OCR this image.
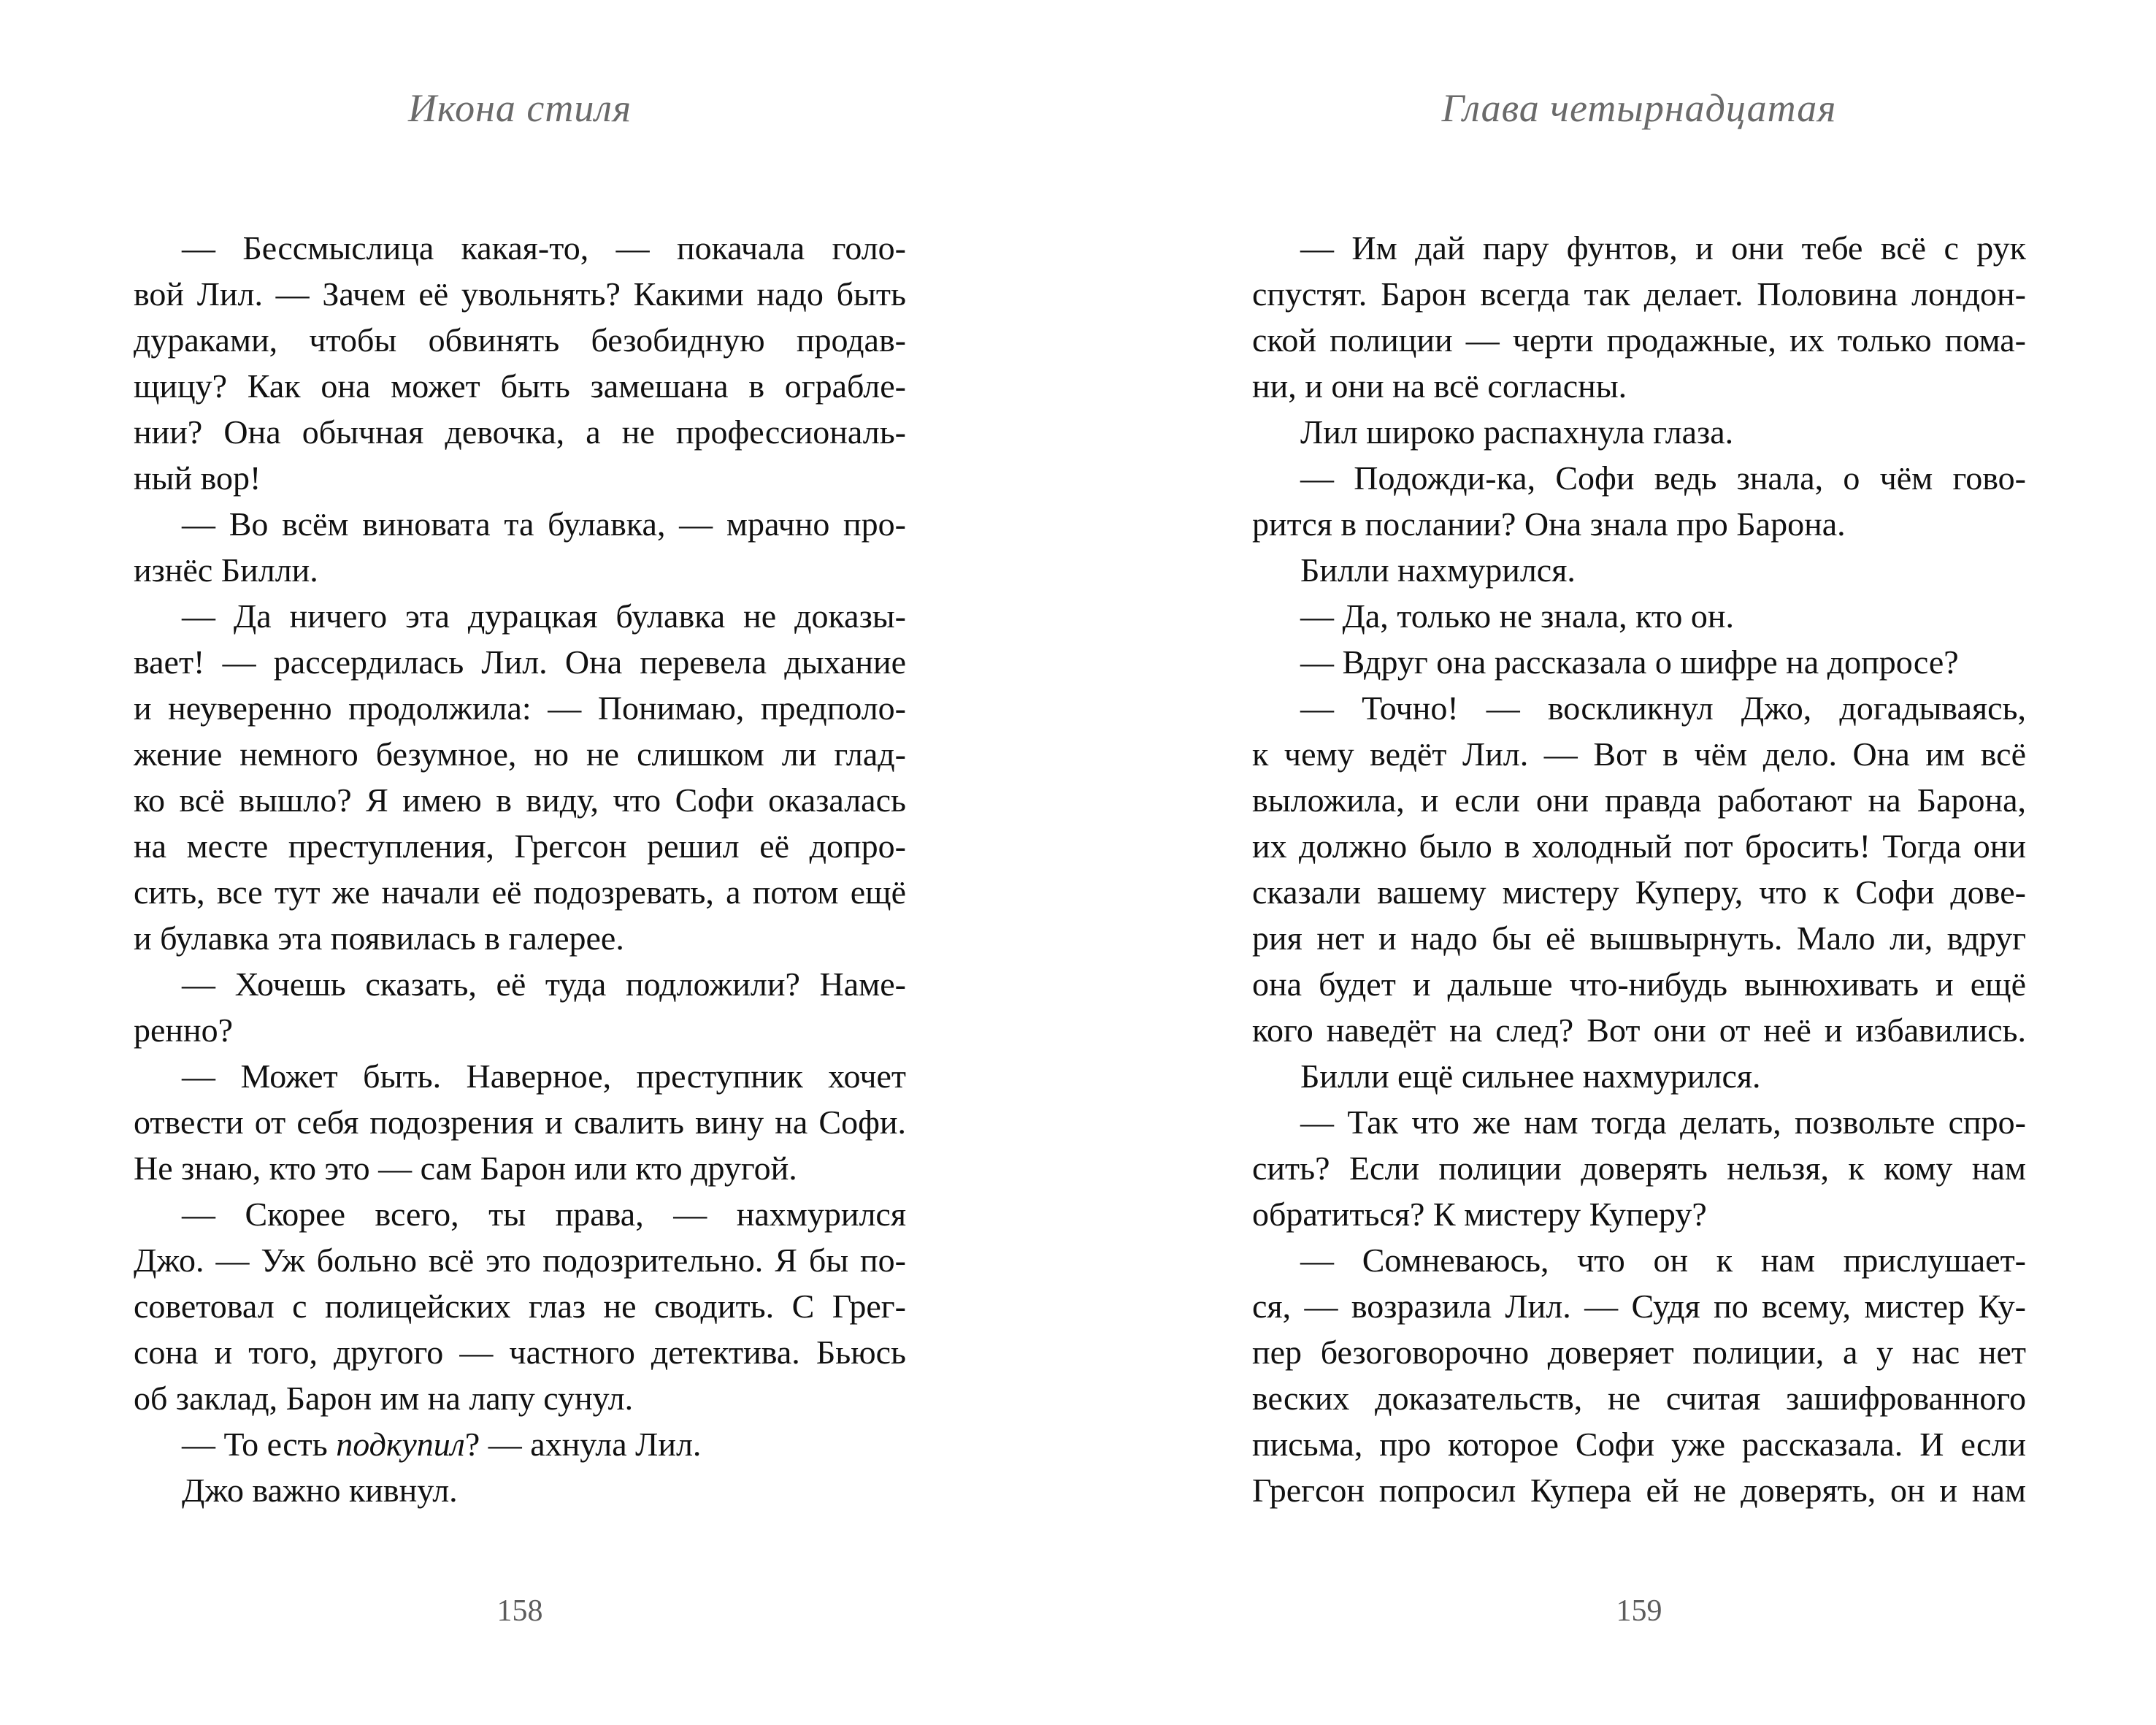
Икона стиля	Глава четырнадцатая
— Бессмыслица какая-то, — покачала голо-
вой Лил. — Зачем её увольнять? Какими надо быть
дураками, чтобы обвинять безобидную продав-
щицу? Как она может быть замешана в ограбле-
нии? Она обычная девочка, а не профессиональ-
ный вор!
— Во всём виновата та булавка, — мрачно про-
изнёс Билли.
— Да ничего эта дурацкая булавка не доказы-
вает! — рассердилась Лил. Она перевела дыхание
и неуверенно продолжила: — Понимаю, предполо-
жение немного безумное, но не слишком ли глад-
ко всё вышло? Я имею в виду, что Софи оказалась
на месте преступления, Грегсон решил её допро-
сить, все тут же начали её подозревать, а потом ещё
и булавка эта появилась в галерее.
— Хочешь сказать, её туда подложили? Наме-
ренно?
— Может быть. Наверное, преступник хочет
отвести от себя подозрения и свалить вину на Софи.
Не знаю, кто это — сам Барон или кто другой.
— Скорее всего, ты права, — нахмурился
Джо. — Уж больно всё это подозрительно. Я бы по-
советовал с полицейских глаз не сводить. С Грег-
сона и того, другого — частного детектива. Бьюсь
об заклад, Барон им на лапу сунул.
— То есть подкупил? — ахнула Лил.
Джо важно кивнул.
— Им дай пару фунтов, и они тебе всё с рук
спустят. Барон всегда так делает. Половина лондон-
ской полиции — черти продажные, их только пома-
ни, и они на всё согласны.
Лил широко распахнула глаза.
— Подожди-ка, Софи ведь знала, о чём гово-
рится в послании? Она знала про Барона.
Билли нахмурился.
— Да, только не знала, кто он.
— Вдруг она рассказала о шифре на допросе?
— Точно! — воскликнул Джо, догадываясь,
к чему ведёт Лил. — Вот в чём дело. Она им всё
выложила, и если они правда работают на Барона,
их должно было в холодный пот бросить! Тогда они
сказали вашему мистеру Куперу, что к Софи дове-
рия нет и надо бы её вышвырнуть. Мало ли, вдруг
она будет и дальше что-нибудь вынюхивать и ещё
кого наведёт на след? Вот они от неё и избавились.
Билли ещё сильнее нахмурился.
— Так что же нам тогда делать, позвольте спро-
сить? Если полиции доверять нельзя, к кому нам
обратиться? К мистеру Куперу?
— Сомневаюсь, что он к нам прислушает-
ся, — возразила Лил. — Судя по всему, мистер Ку-
пер безоговорочно доверяет полиции, а у нас нет
веских доказательств, не считая зашифрованного
письма, про которое Софи уже рассказала. И если
Грегсон попросил Купера ей не доверять, он и нам
158	159
